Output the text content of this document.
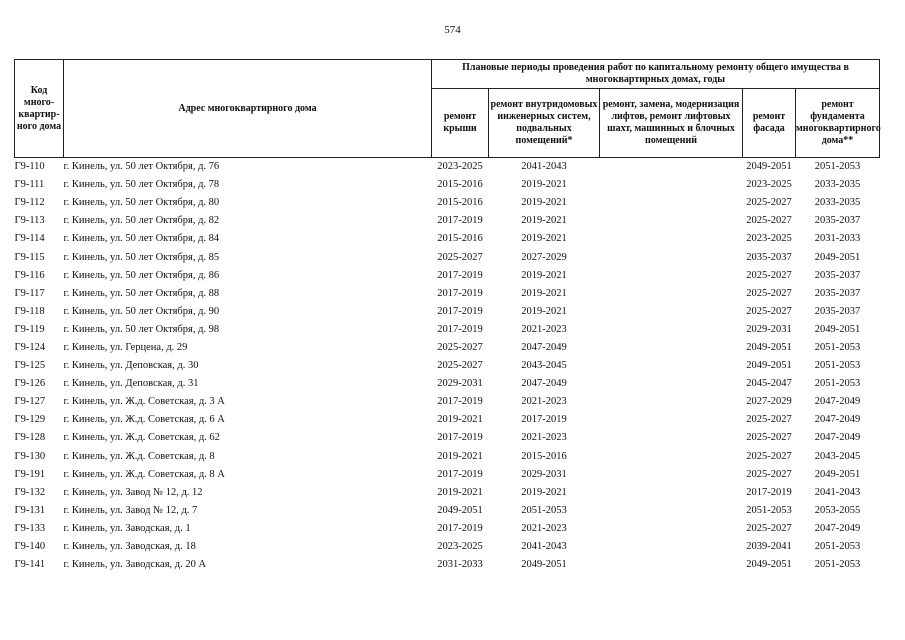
574
Код много-квартир-ного дома	Адрес многоквартирного дома	Плановые периоды проведения работ по капитальному ремонту общего имущества в многоквартирных домах, годы				
		ремонт крыши	ремонт внутридомовых инженерных систем, подвальных помещений*	ремонт, замена, модернизация лифтов, ремонт лифтовых шахт, машинных и блочных помещений	ремонт фасада	ремонт фундамента многоквартирного дома**
Г9-110	г. Кинель, ул. 50 лет Октября, д. 76	2023-2025	2041-2043		2049-2051	2051-2053
Г9-111	г. Кинель, ул. 50 лет Октября, д. 78	2015-2016	2019-2021		2023-2025	2033-2035
Г9-112	г. Кинель, ул. 50 лет Октября, д. 80	2015-2016	2019-2021		2025-2027	2033-2035
Г9-113	г. Кинель, ул. 50 лет Октября, д. 82	2017-2019	2019-2021		2025-2027	2035-2037
Г9-114	г. Кинель, ул. 50 лет Октября, д. 84	2015-2016	2019-2021		2023-2025	2031-2033
Г9-115	г. Кинель, ул. 50 лет Октября, д. 85	2025-2027	2027-2029		2035-2037	2049-2051
Г9-116	г. Кинель, ул. 50 лет Октября, д. 86	2017-2019	2019-2021		2025-2027	2035-2037
Г9-117	г. Кинель, ул. 50 лет Октября, д. 88	2017-2019	2019-2021		2025-2027	2035-2037
Г9-118	г. Кинель, ул. 50 лет Октября, д. 90	2017-2019	2019-2021		2025-2027	2035-2037
Г9-119	г. Кинель, ул. 50 лет Октября, д. 98	2017-2019	2021-2023		2029-2031	2049-2051
Г9-124	г. Кинель, ул. Герцена, д. 29	2025-2027	2047-2049		2049-2051	2051-2053
Г9-125	г. Кинель, ул. Деповская, д. 30	2025-2027	2043-2045		2049-2051	2051-2053
Г9-126	г. Кинель, ул. Деповская, д. 31	2029-2031	2047-2049		2045-2047	2051-2053
Г9-127	г. Кинель, ул. Ж.д. Советская, д. 3 А	2017-2019	2021-2023		2027-2029	2047-2049
Г9-129	г. Кинель, ул. Ж.д. Советская, д. 6 А	2019-2021	2017-2019		2025-2027	2047-2049
Г9-128	г. Кинель, ул. Ж.д. Советская, д. 62	2017-2019	2021-2023		2025-2027	2047-2049
Г9-130	г. Кинель, ул. Ж.д. Советская, д. 8	2019-2021	2015-2016		2025-2027	2043-2045
Г9-191	г. Кинель, ул. Ж.д. Советская, д. 8 А	2017-2019	2029-2031		2025-2027	2049-2051
Г9-132	г. Кинель, ул. Завод № 12, д. 12	2019-2021	2019-2021		2017-2019	2041-2043
Г9-131	г. Кинель, ул. Завод № 12, д. 7	2049-2051	2051-2053		2051-2053	2053-2055
Г9-133	г. Кинель, ул. Заводская, д. 1	2017-2019	2021-2023		2025-2027	2047-2049
Г9-140	г. Кинель, ул. Заводская, д. 18	2023-2025	2041-2043		2039-2041	2051-2053
Г9-141	г. Кинель, ул. Заводская, д. 20 А	2031-2033	2049-2051		2049-2051	2051-2053
